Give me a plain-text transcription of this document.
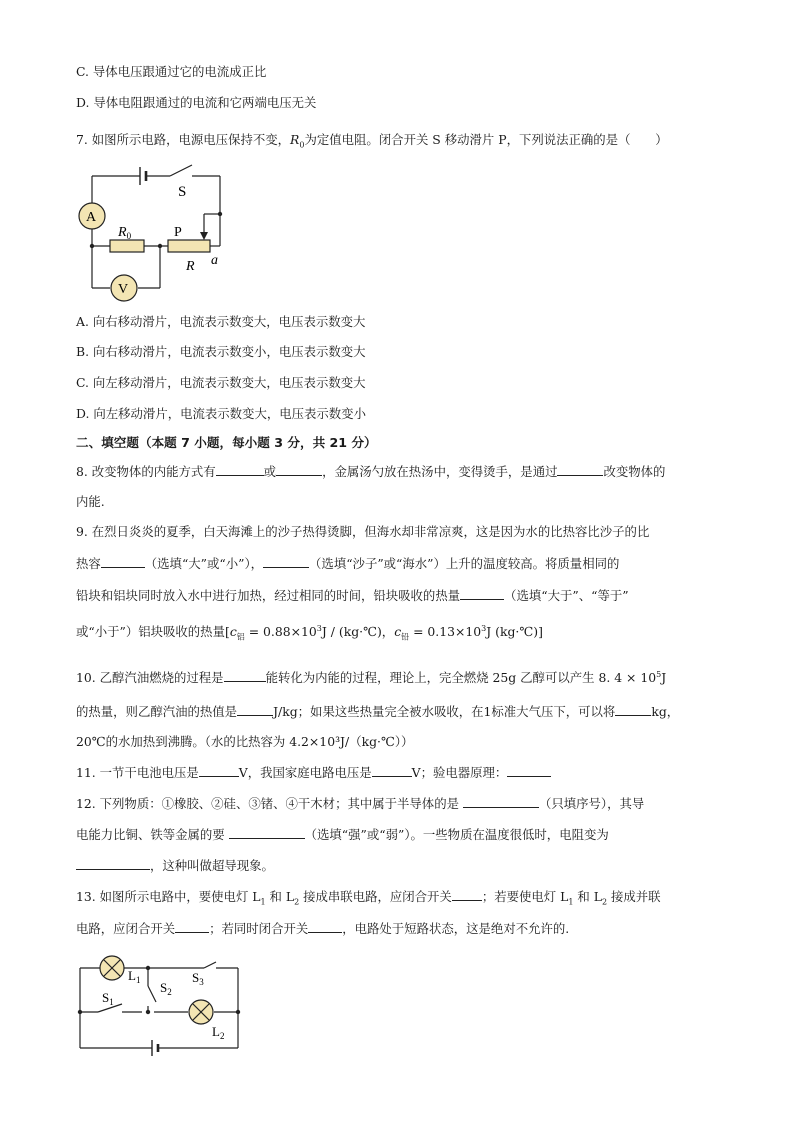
C. 导体电压跟通过它的电流成正比
D. 导体电阻跟通过的电流和它两端电压无关
7. 如图所示电路，电源电压保持不变，$R_0$为定值电阻。闭合开关 S 移动滑片 P，下列说法正确的是（　　）
S
A
V
$R_0$	P
R a
A. 向右移动滑片，电流表示数变大，电压表示数变大
B. 向右移动滑片，电流表示数变小，电压表示数变大
C. 向左移动滑片，电流表示数变大，电压表示数变大
D. 向左移动滑片，电流表示数变大，电压表示数变小
二、填空题（本题 7 小题，每小题 3 分，共 21 分）
8. 改变物体的内能方式有	或	，金属汤勺放在热汤中，变得烫手，是通过	改变物体的
内能.
9. 在烈日炎炎的夏季，白天海滩上的沙子热得烫脚，但海水却非常凉爽，这是因为水的比热容比沙子的比
热容	（选填“大”或“小”），	（选填“沙子”或“海水”）上升的温度较高。将质量相同的
铅块和铝块同时放入水中进行加热，经过相同的时间，铅块吸收的热量	（选填“大于”、“等于”
或“小于”）铝块吸收的热量[$c_铝 = 0.88\times 10^3J$ / (kg·℃)，$c_铅 = 0.13\times 10^3J$ (kg·℃)]
10. 乙醇汽油燃烧的过程是	能转化为内能的过程，理论上，完全燃烧 25g 乙醇可以产生 8. $4 \times 10^5J$
的热量，则乙醇汽油的热值是	J/kg；如果这些热量完全被水吸收，在1标准大气压下，可以将	kg，
20℃的水加热到沸腾。（水的比热容为 4.2×10³J/（kg·℃））
11. 一节干电池电压是	V，我国家庭电路电压是	V；验电器原理：
12. 下列物质：①橡胶、②硅、③锗、④干木材；其中属于半导体的是	（只填序号），其导
电能力比铜、铁等金属的要	（选填“强”或“弱”）。一些物质在温度很低时，电阻变为
，这种叫做超导现象。
13. 如图所示电路中，要使电灯 $L_1$ 和 $L_2$ 接成串联电路，应闭合开关 ；若要使电灯 $L_1$ 和 $L_2$ 接成并联
电路，应闭合开关	；若同时闭合开关	，电路处于短路状态，这是绝对不允许的.
$L_1$
$L_2$
$S_1$
$S_2$
$S_3$
